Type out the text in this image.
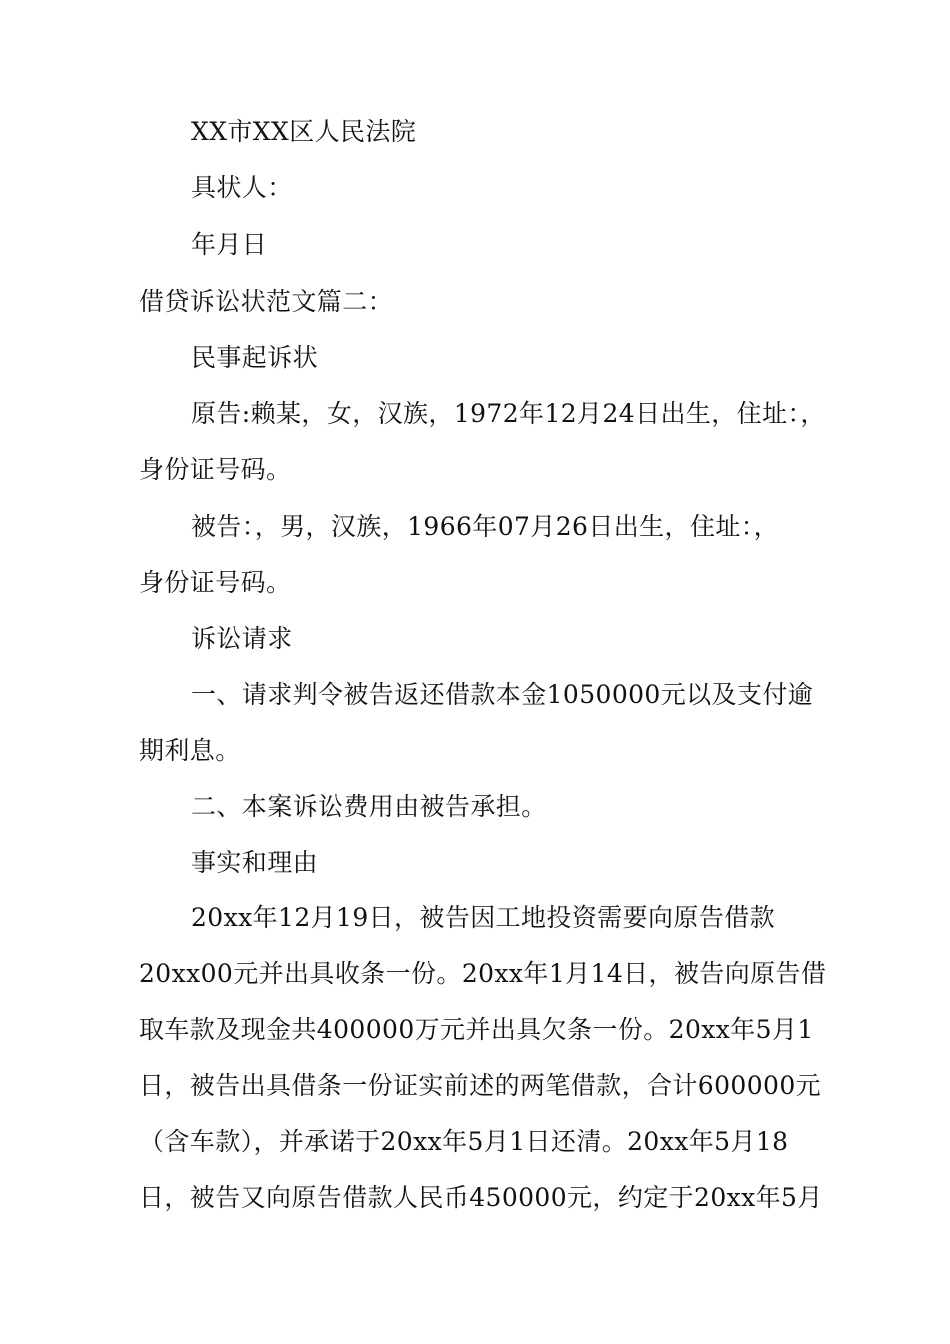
XX市XX区人民法院
具状人：
年月日
借贷诉讼状范文篇二：
民事起诉状
原告:赖某，女，汉族，1972年12月24日出生，住址：，
身份证号码。
被告：，男，汉族，1966年07月26日出生，住址：，
身份证号码。
诉讼请求
一、请求判令被告返还借款本金1050000元以及支付逾
期利息。
二、本案诉讼费用由被告承担。
事实和理由
20xx年12月19日，被告因工地投资需要向原告借款
20xx00元并出具收条一份。20xx年1月14日，被告向原告借
取车款及现金共400000万元并出具欠条一份。20xx年5月1
日，被告出具借条一份证实前述的两笔借款，合计600000元
（含车款），并承诺于20xx年5月1日还清。20xx年5月18
日，被告又向原告借款人民币450000元，约定于20xx年5月
